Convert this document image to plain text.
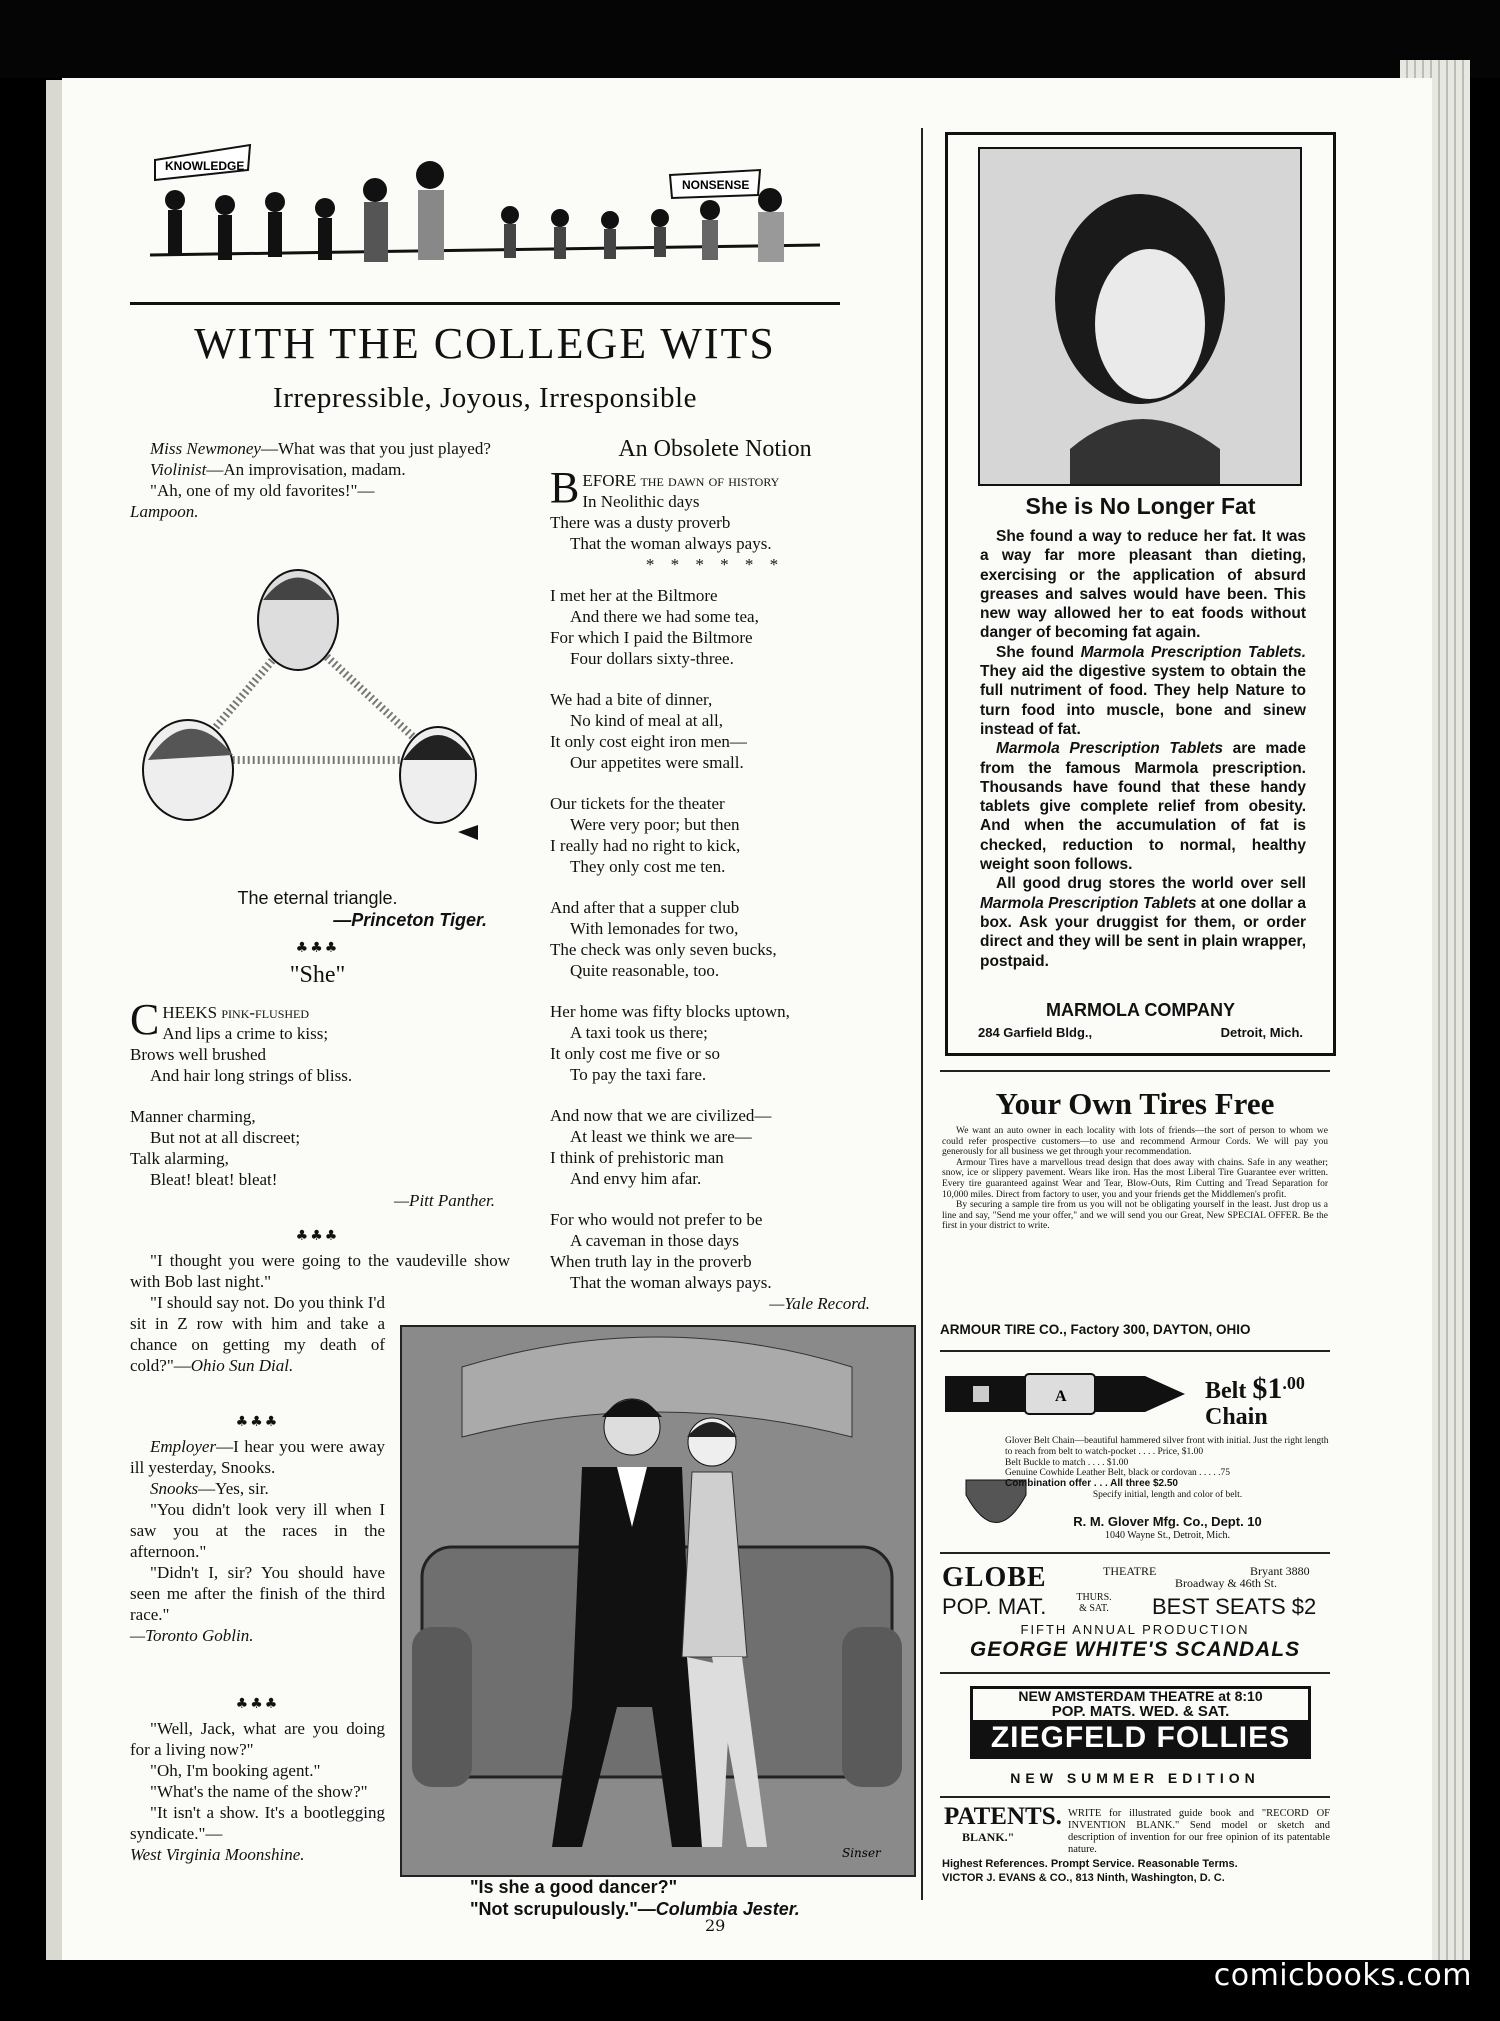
KNOWLEDGE
NONSENSE
WITH THE COLLEGE WITS
Irrepressible, Joyous, Irresponsible
Miss Newmoney—What was that you just played?
Violinist—An improvisation, madam.
"Ah, one of my old favorites!"—
Lampoon.
The eternal triangle.
—Princeton Tiger.
♣♣♣
"She"
CHEEKS pink-flushed
And lips a crime to kiss;
Brows well brushed
And hair long strings of bliss.
Manner charming,
But not at all discreet;
Talk alarming,
Bleat! bleat! bleat!
—Pitt Panther.
♣♣♣
"I thought you were going to the vaudeville show with Bob last night."
"I should say not. Do you think I'd sit in Z row with him and take a chance on getting my death of cold?"—Ohio Sun Dial.
♣♣♣
Employer—I hear you were away ill yesterday, Snooks.
Snooks—Yes, sir.
"You didn't look very ill when I saw you at the races in the afternoon."
"Didn't I, sir? You should have seen me after the finish of the third race."
—Toronto Goblin.
♣♣♣
"Well, Jack, what are you doing for a living now?"
"Oh, I'm booking agent."
"What's the name of the show?"
"It isn't a show. It's a bootlegging syndicate."—
West Virginia Moonshine.
An Obsolete Notion
BEFORE the dawn of history
In Neolithic days
There was a dusty proverb
That the woman always pays.
* * * * * *
I met her at the Biltmore
And there we had some tea,
For which I paid the Biltmore
Four dollars sixty-three.
We had a bite of dinner,
No kind of meal at all,
It only cost eight iron men—
Our appetites were small.
Our tickets for the theater
Were very poor; but then
I really had no right to kick,
They only cost me ten.
And after that a supper club
With lemonades for two,
The check was only seven bucks,
Quite reasonable, too.
Her home was fifty blocks uptown,
A taxi took us there;
It only cost me five or so
To pay the taxi fare.
And now that we are civilized—
At least we think we are—
I think of prehistoric man
And envy him afar.
For who would not prefer to be
A caveman in those days
When truth lay in the proverb
That the woman always pays.
—Yale Record.
Sinser
"Is she a good dancer?"
"Not scrupulously."—Columbia Jester.
29
She is No Longer Fat
She found a way to reduce her fat. It was a way far more pleasant than dieting, exercising or the application of absurd greases and salves would have been. This new way allowed her to eat foods without danger of becoming fat again.
She found Marmola Prescription Tablets. They aid the digestive system to obtain the full nutriment of food. They help Nature to turn food into muscle, bone and sinew instead of fat.
Marmola Prescription Tablets are made from the famous Marmola prescription. Thousands have found that these handy tablets give complete relief from obesity. And when the accumulation of fat is checked, reduction to normal, healthy weight soon follows.
All good drug stores the world over sell Marmola Prescription Tablets at one dollar a box. Ask your druggist for them, or order direct and they will be sent in plain wrapper, postpaid.
MARMOLA COMPANY
284 Garfield Bldg.,	Detroit, Mich.
Your Own Tires Free
We want an auto owner in each locality with lots of friends—the sort of person to whom we could refer prospective customers—to use and recommend Armour Cords. We will pay you generously for all business we get through your recommendation.
Armour Tires have a marvellous tread design that does away with chains. Safe in any weather; snow, ice or slippery pavement. Wears like iron. Has the most Liberal Tire Guarantee ever written. Every tire guaranteed against Wear and Tear, Blow-Outs, Rim Cutting and Tread Separation for 10,000 miles. Direct from factory to user, you and your friends get the Middlemen's profit.
By securing a sample tire from us you will not be obligating yourself in the least. Just drop us a line and say, "Send me your offer," and we will send you our Great, New SPECIAL OFFER. Be the first in your district to write.
ARMOUR TIRE CO., Factory 300, DAYTON, OHIO
A	Belt $\$1^{.00}$
Chain
Glover Belt Chain—beautiful hammered silver front with initial. Just the right length to reach from belt to watch-pocket . . . . Price, $1.00
Belt Buckle to match . . . . $1.00
Genuine Cowhide Leather Belt, black or cordovan . . . . .75
Combination offer . . . All three $2.50
Specify initial, length and color of belt.
R. M. Glover Mfg. Co., Dept. 10
1040 Wayne St., Detroit, Mich.
GLOBE	THEATRE
Broadway & 46th St.
Bryant 3880
POP. MAT.	THURS. & SAT.	BEST SEATS $2
FIFTH ANNUAL PRODUCTION
GEORGE WHITE'S SCANDALS
NEW AMSTERDAM THEATRE at 8:10
POP. MATS. WED. & SAT.
ZIEGFELD FOLLIES
NEW SUMMER EDITION
PATENTS.
BLANK."
WRITE for illustrated guide book and "RECORD OF INVENTION BLANK." Send model or sketch and description of invention for our free opinion of its patentable nature.
Highest References. Prompt Service. Reasonable Terms.
VICTOR J. EVANS & CO., 813 Ninth, Washington, D. C.
comicbooks.com
